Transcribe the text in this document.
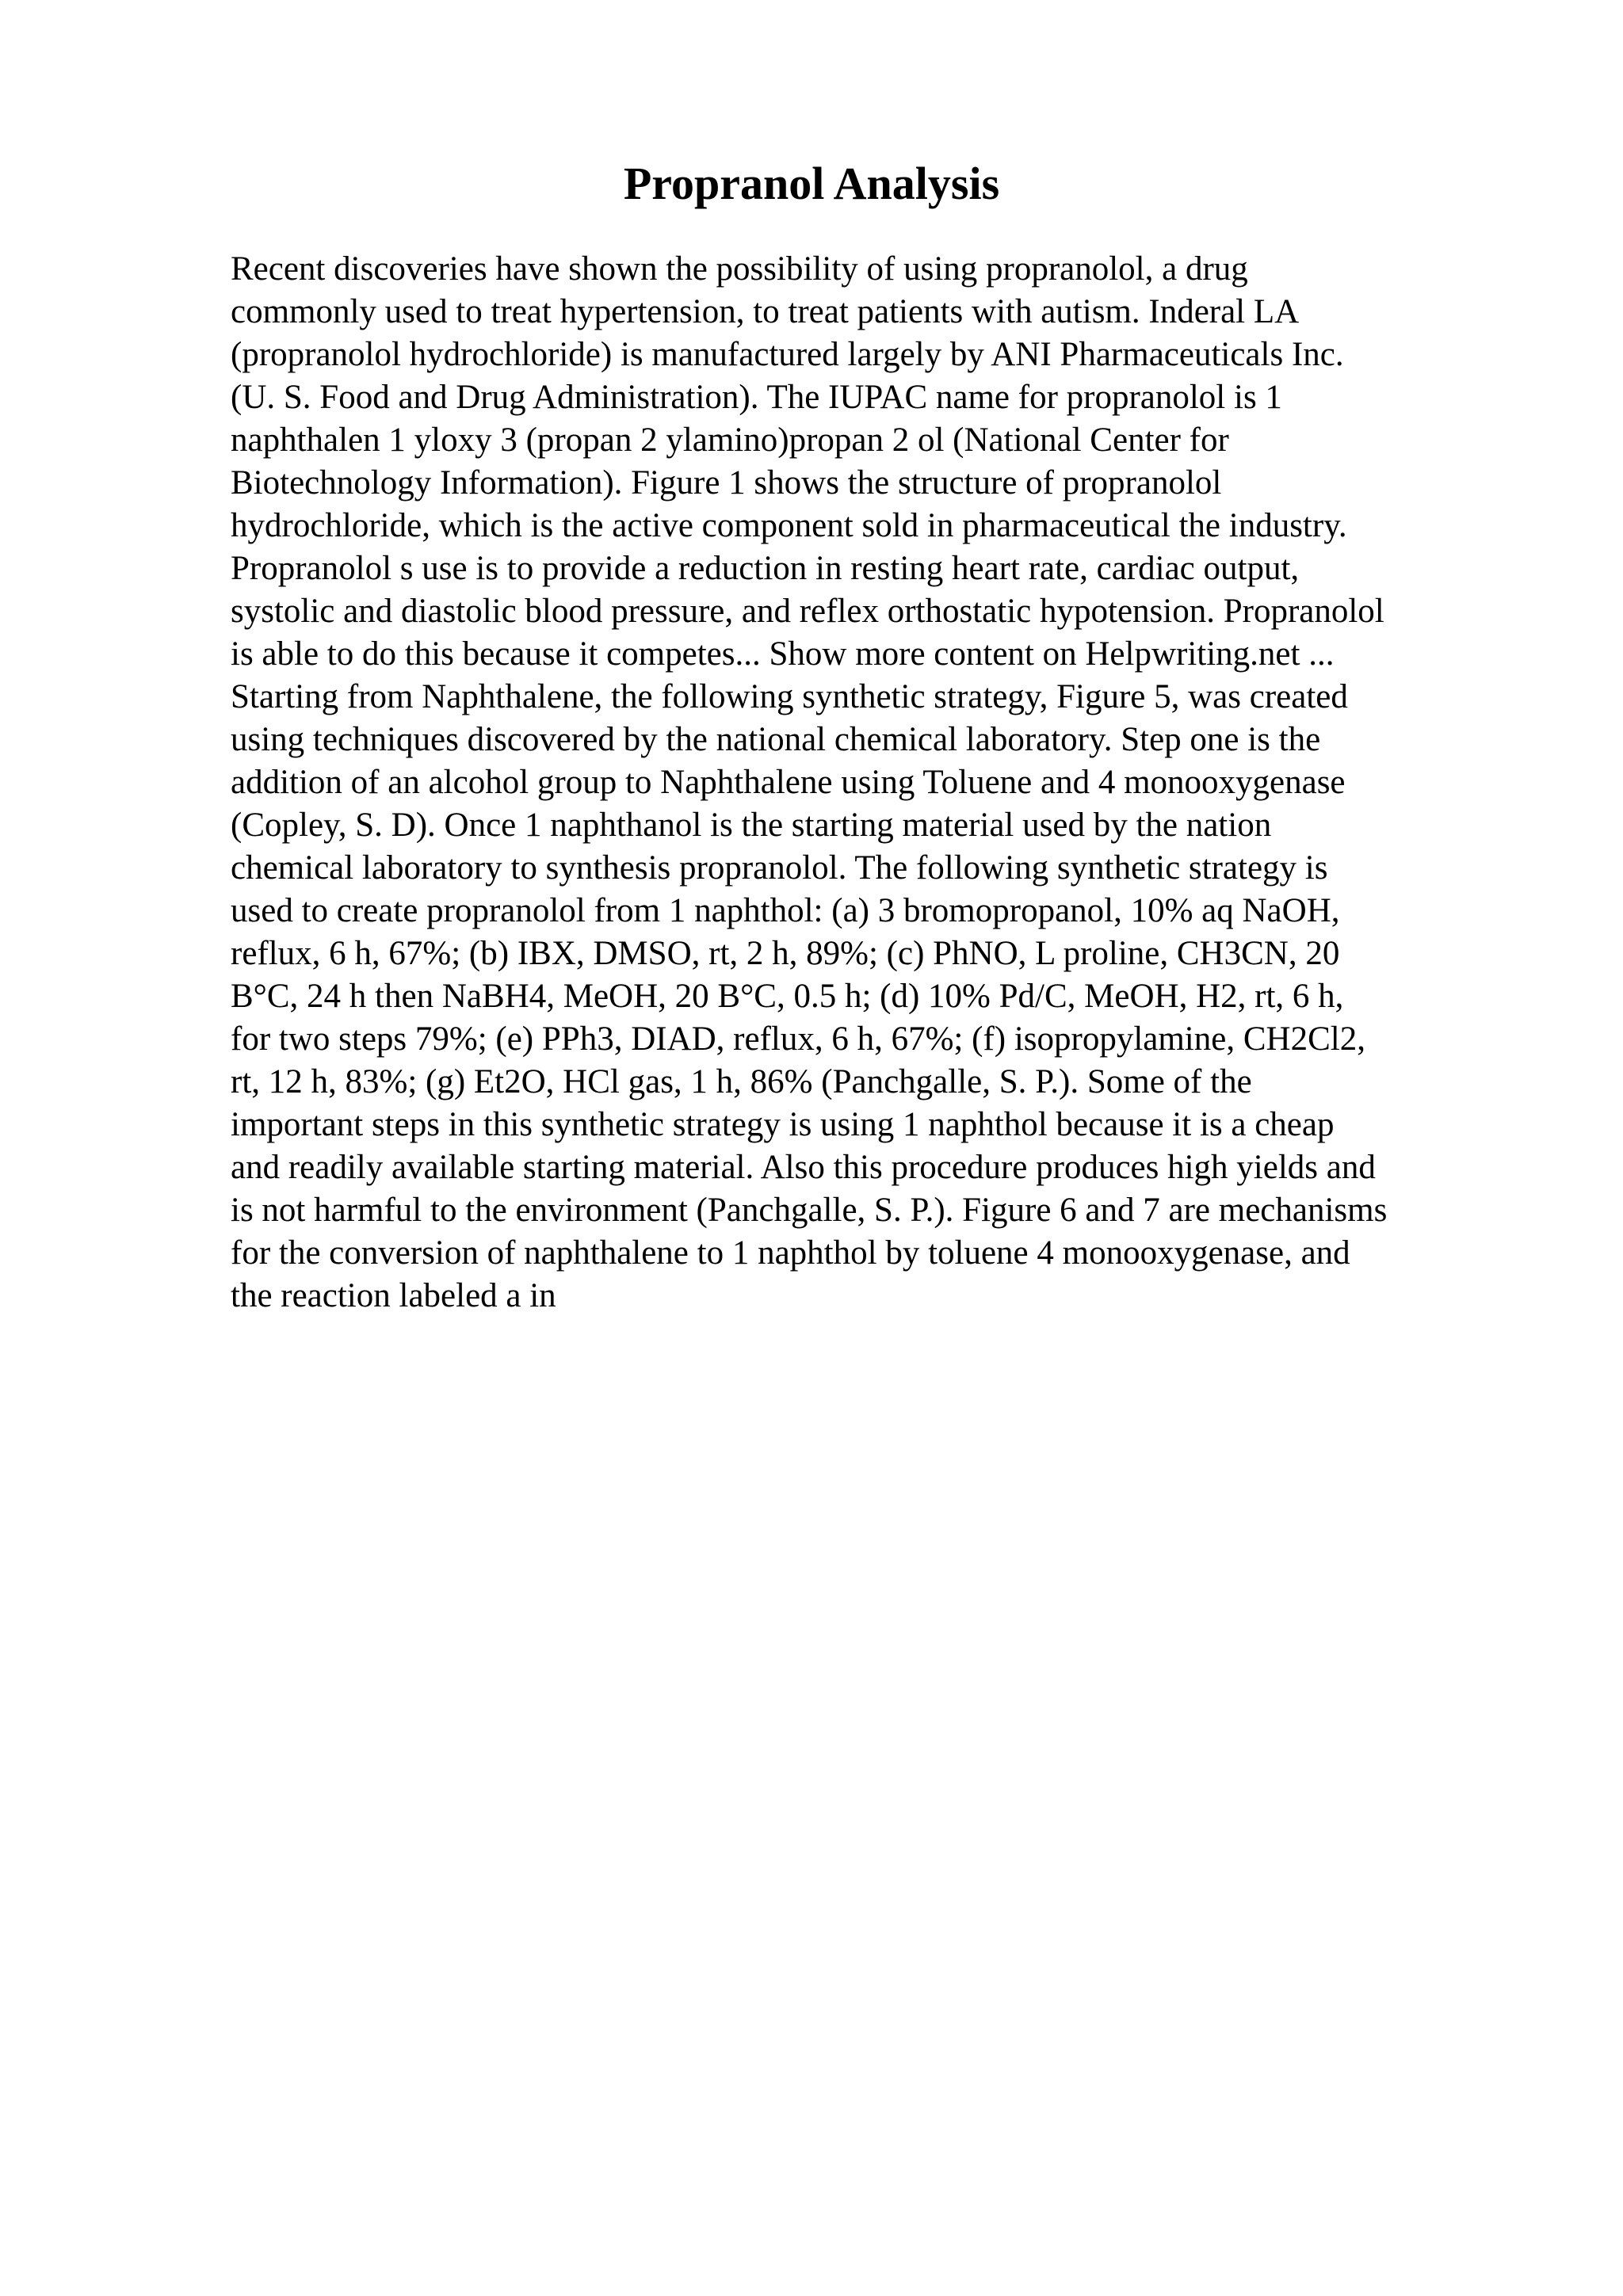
Propranol Analysis
Recent discoveries have shown the possibility of using propranolol, a drug
commonly used to treat hypertension, to treat patients with autism. Inderal LA
(propranolol hydrochloride) is manufactured largely by ANI Pharmaceuticals Inc.
(U. S. Food and Drug Administration). The IUPAC name for propranolol is 1
naphthalen 1 yloxy 3 (propan 2 ylamino)propan 2 ol (National Center for
Biotechnology Information). Figure 1 shows the structure of propranolol
hydrochloride, which is the active component sold in pharmaceutical the industry.
Propranolol s use is to provide a reduction in resting heart rate, cardiac output,
systolic and diastolic blood pressure, and reflex orthostatic hypotension. Propranolol
is able to do this because it competes... Show more content on Helpwriting.net ...
Starting from Naphthalene, the following synthetic strategy, Figure 5, was created
using techniques discovered by the national chemical laboratory. Step one is the
addition of an alcohol group to Naphthalene using Toluene and 4 monooxygenase
(Copley, S. D). Once 1 naphthanol is the starting material used by the nation
chemical laboratory to synthesis propranolol. The following synthetic strategy is
used to create propranolol from 1 naphthol: (a) 3 bromopropanol, 10% aq NaOH,
reflux, 6 h, 67%; (b) IBX, DMSO, rt, 2 h, 89%; (c) PhNO, L proline, CH3CN, 20
B°C, 24 h then NaBH4, MeOH, 20 B°C, 0.5 h; (d) 10% Pd/C, MeOH, H2, rt, 6 h,
for two steps 79%; (e) PPh3, DIAD, reflux, 6 h, 67%; (f) isopropylamine, CH2Cl2,
rt, 12 h, 83%; (g) Et2O, HCl gas, 1 h, 86% (Panchgalle, S. P.). Some of the
important steps in this synthetic strategy is using 1 naphthol because it is a cheap
and readily available starting material. Also this procedure produces high yields and
is not harmful to the environment (Panchgalle, S. P.). Figure 6 and 7 are mechanisms
for the conversion of naphthalene to 1 naphthol by toluene 4 monooxygenase, and
the reaction labeled a in
